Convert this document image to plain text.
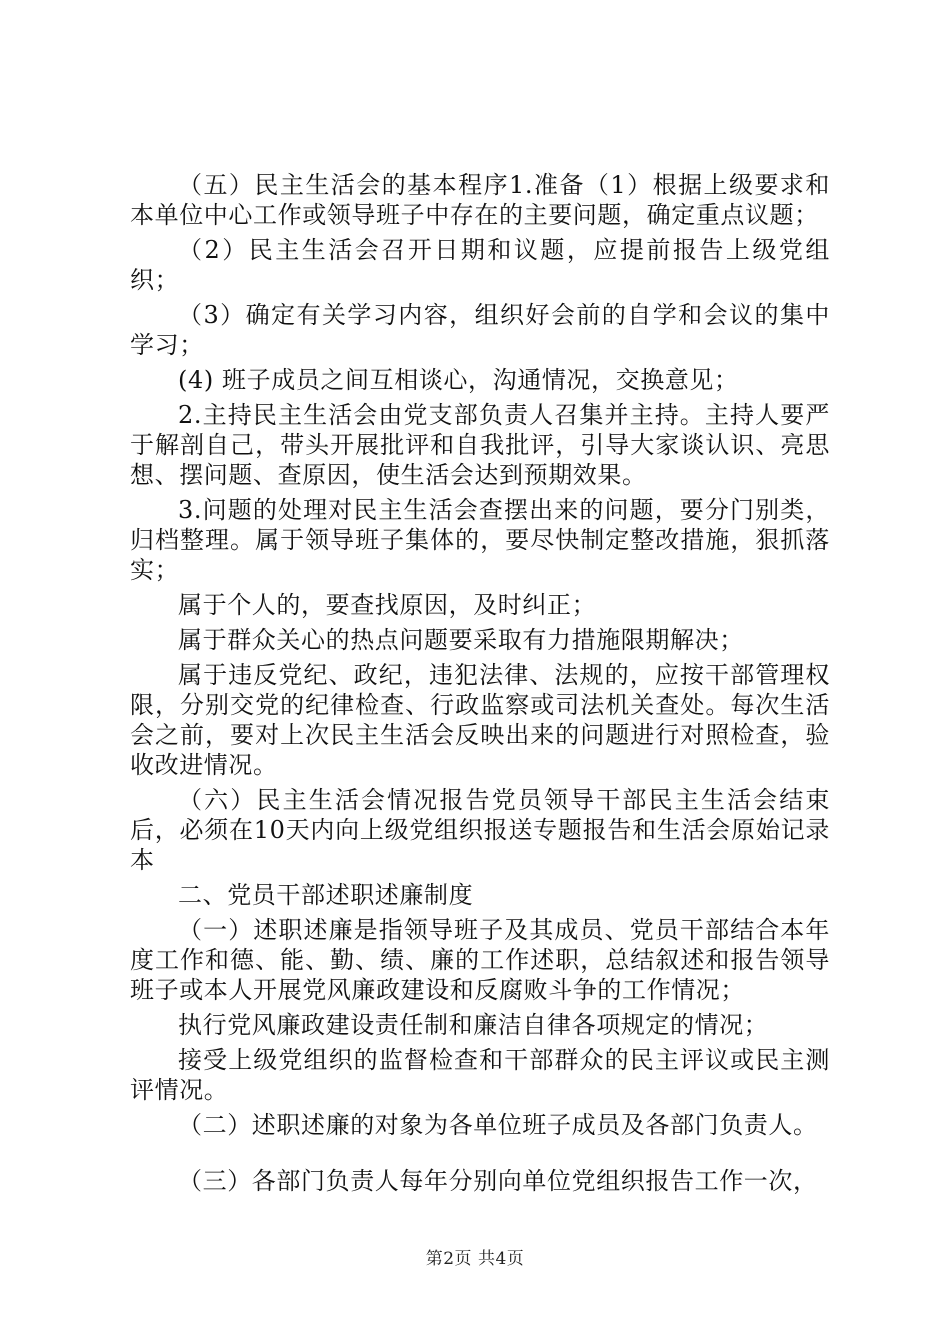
（五）民主生活会的基本程序1.准备（1）根据上级要求和本单位中心工作或领导班子中存在的主要问题，确定重点议题；

（2）民主生活会召开日期和议题，应提前报告上级党组织；

（3）确定有关学习内容，组织好会前的自学和会议的集中学习；

(4) 班子成员之间互相谈心，沟通情况，交换意见；

2.主持民主生活会由党支部负责人召集并主持。主持人要严于解剖自己，带头开展批评和自我批评，引导大家谈认识、亮思想、摆问题、查原因，使生活会达到预期效果。

3.问题的处理对民主生活会查摆出来的问题，要分门别类，归档整理。属于领导班子集体的，要尽快制定整改措施，狠抓落实；

属于个人的，要查找原因，及时纠正；

属于群众关心的热点问题要采取有力措施限期解决；

属于违反党纪、政纪，违犯法律、法规的，应按干部管理权限，分别交党的纪律检查、行政监察或司法机关查处。每次生活会之前，要对上次民主生活会反映出来的问题进行对照检查，验收改进情况。

（六）民主生活会情况报告党员领导干部民主生活会结束后，必须在10天内向上级党组织报送专题报告和生活会原始记录本

二、党员干部述职述廉制度

（一）述职述廉是指领导班子及其成员、党员干部结合本年度工作和德、能、勤、绩、廉的工作述职，总结叙述和报告领导班子或本人开展党风廉政建设和反腐败斗争的工作情况；

执行党风廉政建设责任制和廉洁自律各项规定的情况；

接受上级党组织的监督检查和干部群众的民主评议或民主测评情况。

（二）述职述廉的对象为各单位班子成员及各部门负责人。

（三）各部门负责人每年分别向单位党组织报告工作一次，

第2页 共4页
